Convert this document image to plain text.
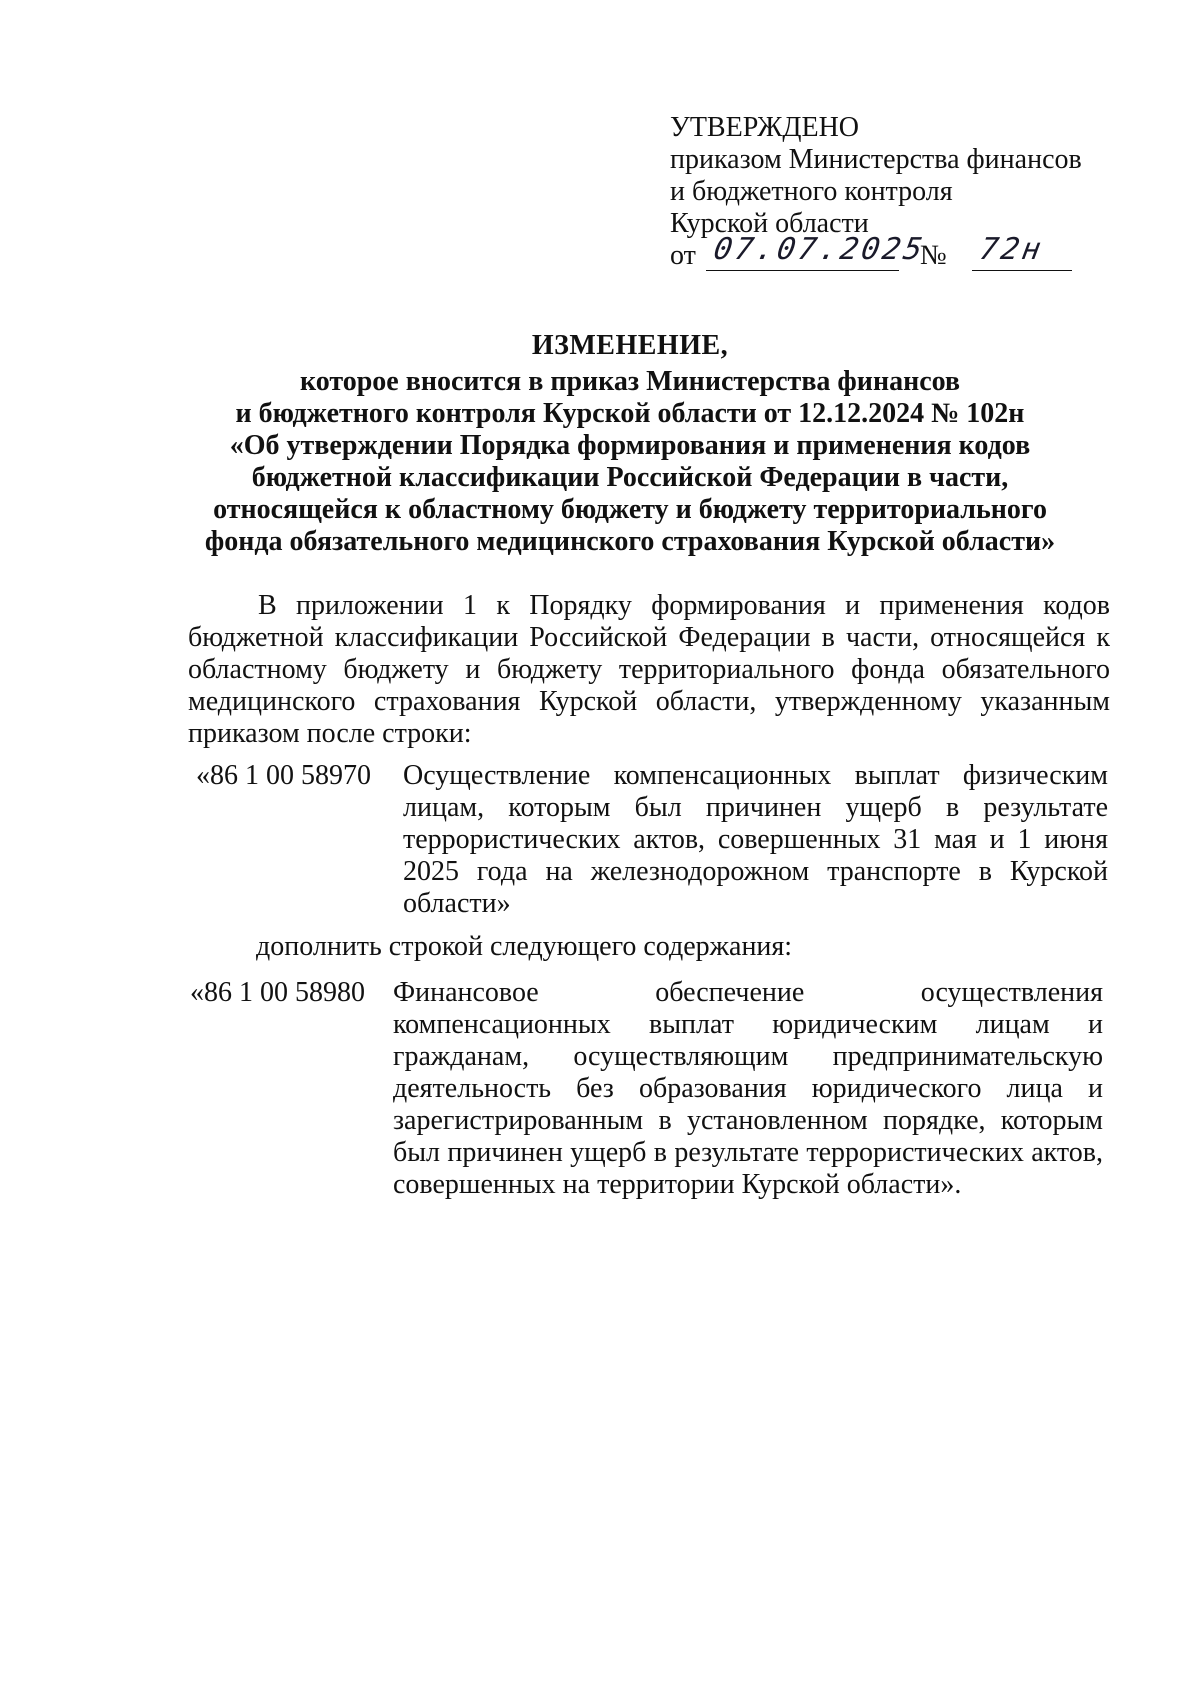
УТВЕРЖДЕНО
приказом Министерства финансов
и бюджетного контроля
Курской области
от 07.07.2025
№ 72н
ИЗМЕНЕНИЕ,
которое вносится в приказ Министерства финансов
и бюджетного контроля Курской области от 12.12.2024 № 102н
«Об утверждении Порядка формирования и применения кодов
бюджетной классификации Российской Федерации в части,
относящейся к областному бюджету и бюджету территориального
фонда обязательного медицинского страхования Курской области»

В приложении 1 к Порядку формирования и применения кодов бюджетной классификации Российской Федерации в части, относящейся к областному бюджету и бюджету территориального фонда обязательного медицинского страхования Курской области, утвержденному указанным приказом после строки:

«86 1 00 58970 Осуществление компенсационных выплат физическим лицам, которым был причинен ущерб в результате террористических актов, совершенных 31 мая и 1 июня 2025 года на железнодорожном транспорте в Курской области»
дополнить строкой следующего содержания:
«86 1 00 58980 Финансовое обеспечение осуществления компенсационных выплат юридическим лицам и гражданам, осуществляющим предпринимательскую деятельность без образования юридического лица и зарегистрированным в установленном порядке, которым был причинен ущерб в результате террористических актов, совершенных на территории Курской области».
